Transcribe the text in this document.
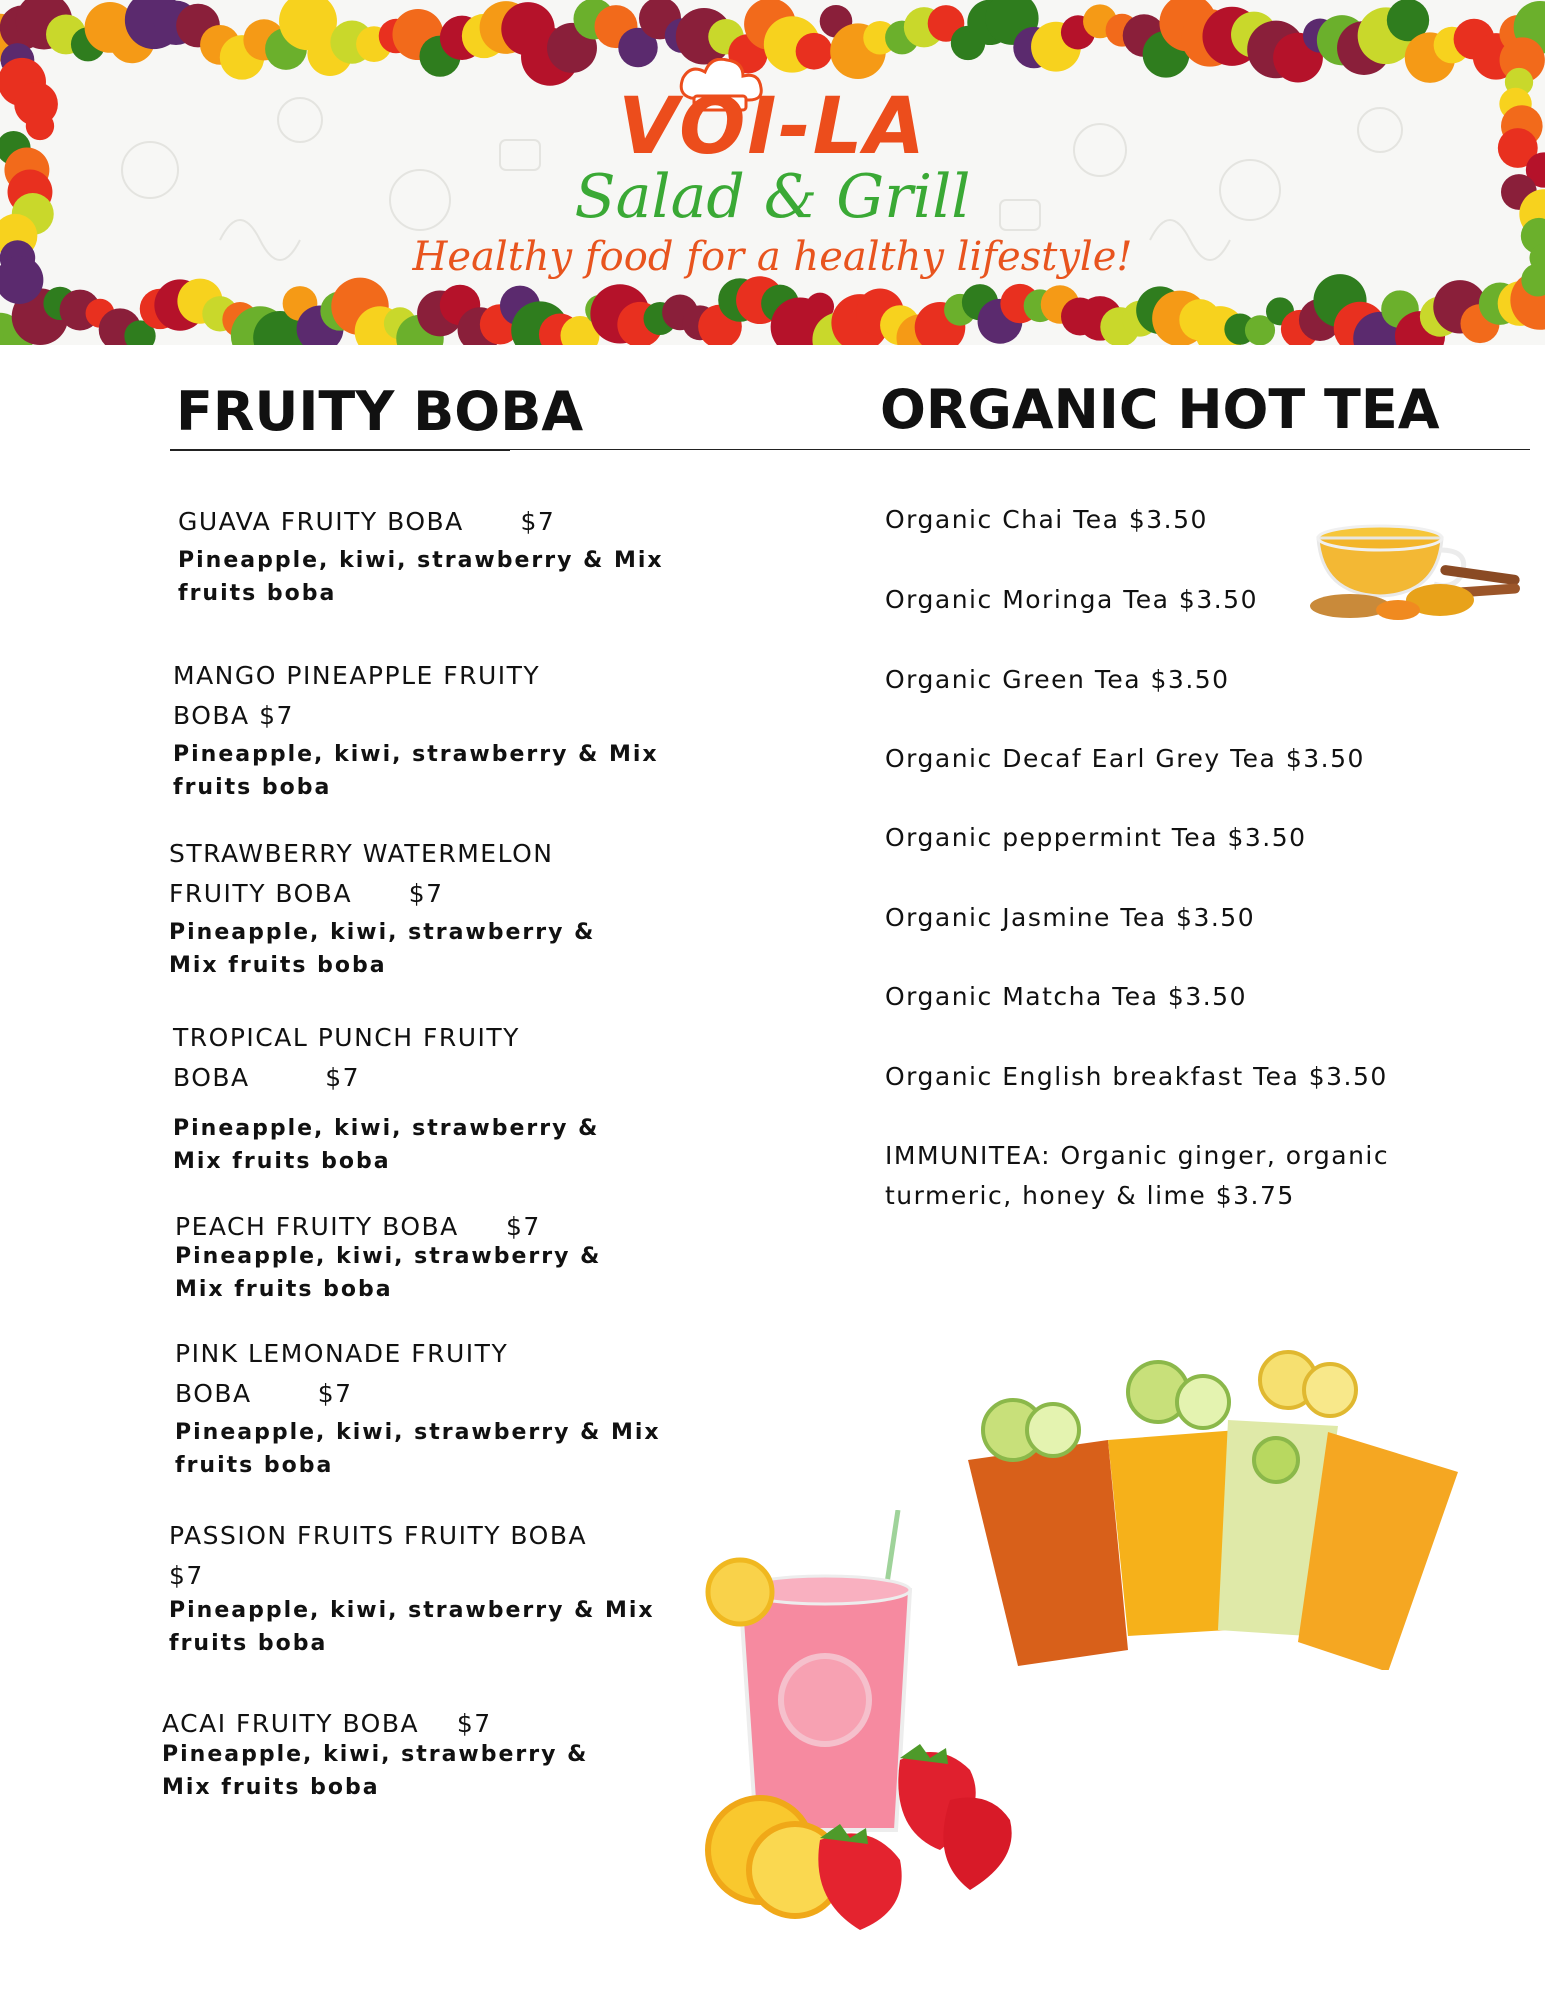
VOI-LA
Salad & Grill
Healthy food for a healthy lifestyle!
FRUITY BOBA	ORGANIC HOT TEA
GUAVA FRUITY BOBA      $7
Pineapple, kiwi, strawberry & Mix fruits boba
MANGO PINEAPPLE FRUITY BOBA $7
Pineapple, kiwi, strawberry & Mix fruits boba
STRAWBERRY WATERMELON FRUITY BOBA      $7
Pineapple, kiwi, strawberry & Mix fruits boba
TROPICAL PUNCH FRUITY BOBA        $7
Pineapple, kiwi, strawberry & Mix fruits boba
PEACH FRUITY BOBA     $7
Pineapple, kiwi, strawberry & Mix fruits boba
PINK LEMONADE FRUITY BOBA       $7
Pineapple, kiwi, strawberry & Mix fruits boba
PASSION FRUITS FRUITY BOBA     $7
Pineapple, kiwi, strawberry & Mix fruits boba
ACAI FRUITY BOBA    $7
Pineapple, kiwi, strawberry & Mix fruits boba
Organic Chai Tea $3.50
Organic Moringa Tea $3.50
Organic Green Tea $3.50
Organic Decaf Earl Grey Tea $3.50
Organic peppermint Tea $3.50
Organic Jasmine Tea $3.50
Organic Matcha Tea $3.50
Organic English breakfast Tea $3.50
IMMUNITEA: Organic ginger, organic turmeric, honey & lime $3.75
